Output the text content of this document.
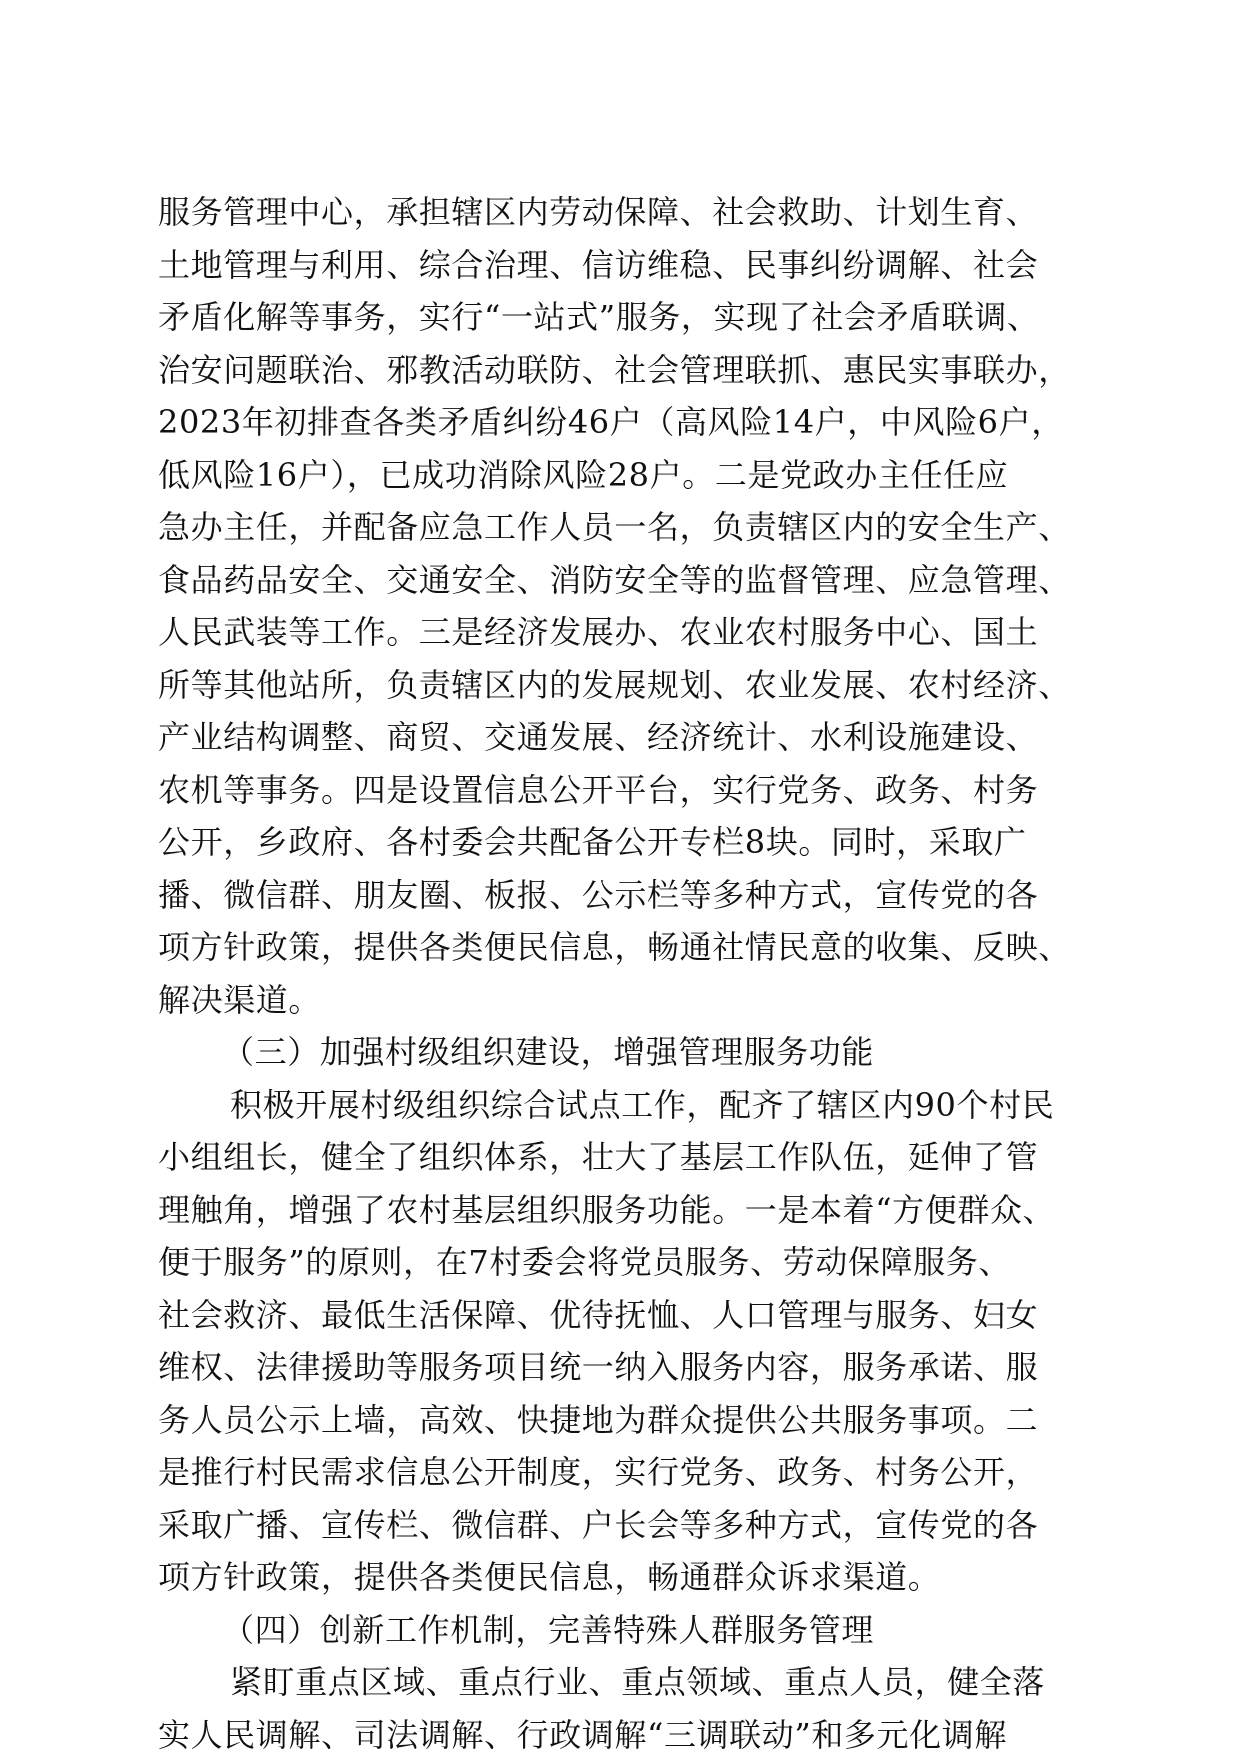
服务管理中心，承担辖区内劳动保障、社会救助、计划生育、
土地管理与利用、综合治理、信访维稳、民事纠纷调解、社会
矛盾化解等事务，实行“一站式”服务，实现了社会矛盾联调、
治安问题联治、邪教活动联防、社会管理联抓、惠民实事联办，
2023年初排查各类矛盾纠纷46户（高风险14户，中风险6户，
低风险16户），已成功消除风险28户。二是党政办主任任应
急办主任，并配备应急工作人员一名，负责辖区内的安全生产、
食品药品安全、交通安全、消防安全等的监督管理、应急管理、
人民武装等工作。三是经济发展办、农业农村服务中心、国土
所等其他站所，负责辖区内的发展规划、农业发展、农村经济、
产业结构调整、商贸、交通发展、经济统计、水利设施建设、
农机等事务。四是设置信息公开平台，实行党务、政务、村务
公开，乡政府、各村委会共配备公开专栏8块。同时，采取广
播、微信群、朋友圈、板报、公示栏等多种方式，宣传党的各
项方针政策，提供各类便民信息，畅通社情民意的收集、反映、
解决渠道。
（三）加强村级组织建设，增强管理服务功能
积极开展村级组织综合试点工作，配齐了辖区内90个村民
小组组长，健全了组织体系，壮大了基层工作队伍，延伸了管
理触角，增强了农村基层组织服务功能。一是本着“方便群众、
便于服务”的原则，在7村委会将党员服务、劳动保障服务、
社会救济、最低生活保障、优待抚恤、人口管理与服务、妇女
维权、法律援助等服务项目统一纳入服务内容，服务承诺、服
务人员公示上墙，高效、快捷地为群众提供公共服务事项。二
是推行村民需求信息公开制度，实行党务、政务、村务公开，
采取广播、宣传栏、微信群、户长会等多种方式，宣传党的各
项方针政策，提供各类便民信息，畅通群众诉求渠道。
（四）创新工作机制，完善特殊人群服务管理
紧盯重点区域、重点行业、重点领域、重点人员，健全落
实人民调解、司法调解、行政调解“三调联动”和多元化调解
